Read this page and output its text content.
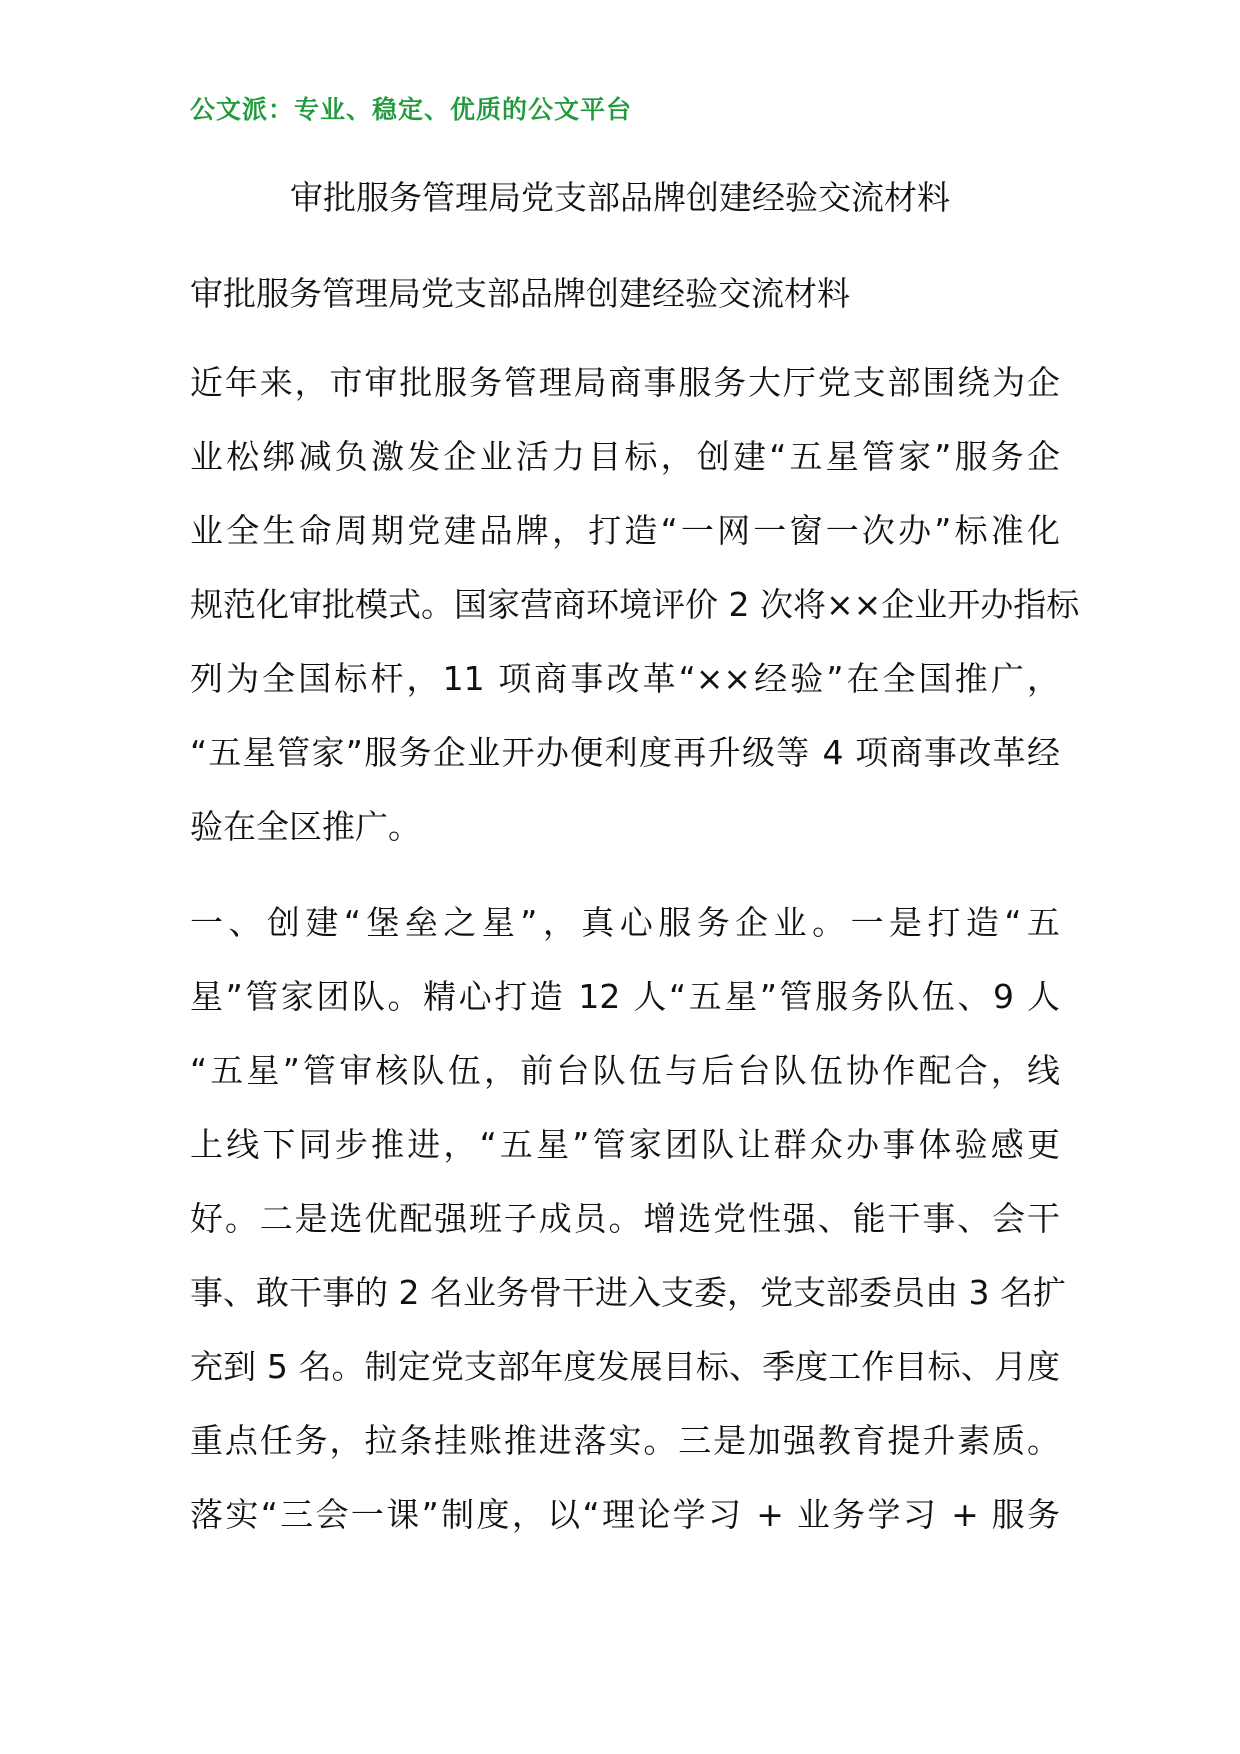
公文派：专业、稳定、优质的公文平台
审批服务管理局党支部品牌创建经验交流材料
审批服务管理局党支部品牌创建经验交流材料
近年来，市审批服务管理局商事服务大厅党支部围绕为企
业松绑减负激发企业活力目标，创建“五星管家”服务企
业全生命周期党建品牌，打造“一网一窗一次办”标准化
规范化审批模式。国家营商环境评价 2 次将××企业开办指标
列为全国标杆，11 项商事改革“××经验”在全国推广，
“五星管家”服务企业开办便利度再升级等 4 项商事改革经
验在全区推广。
一、创建“堡垒之星”，真心服务企业。一是打造“五
星”管家团队。精心打造 12 人“五星”管服务队伍、9 人
“五星”管审核队伍，前台队伍与后台队伍协作配合，线
上线下同步推进，“五星”管家团队让群众办事体验感更
好。二是选优配强班子成员。增选党性强、能干事、会干
事、敢干事的 2 名业务骨干进入支委，党支部委员由 3 名扩
充到 5 名。制定党支部年度发展目标、季度工作目标、月度
重点任务，拉条挂账推进落实。三是加强教育提升素质。
落实“三会一课”制度，以“理论学习 + 业务学习 + 服务
